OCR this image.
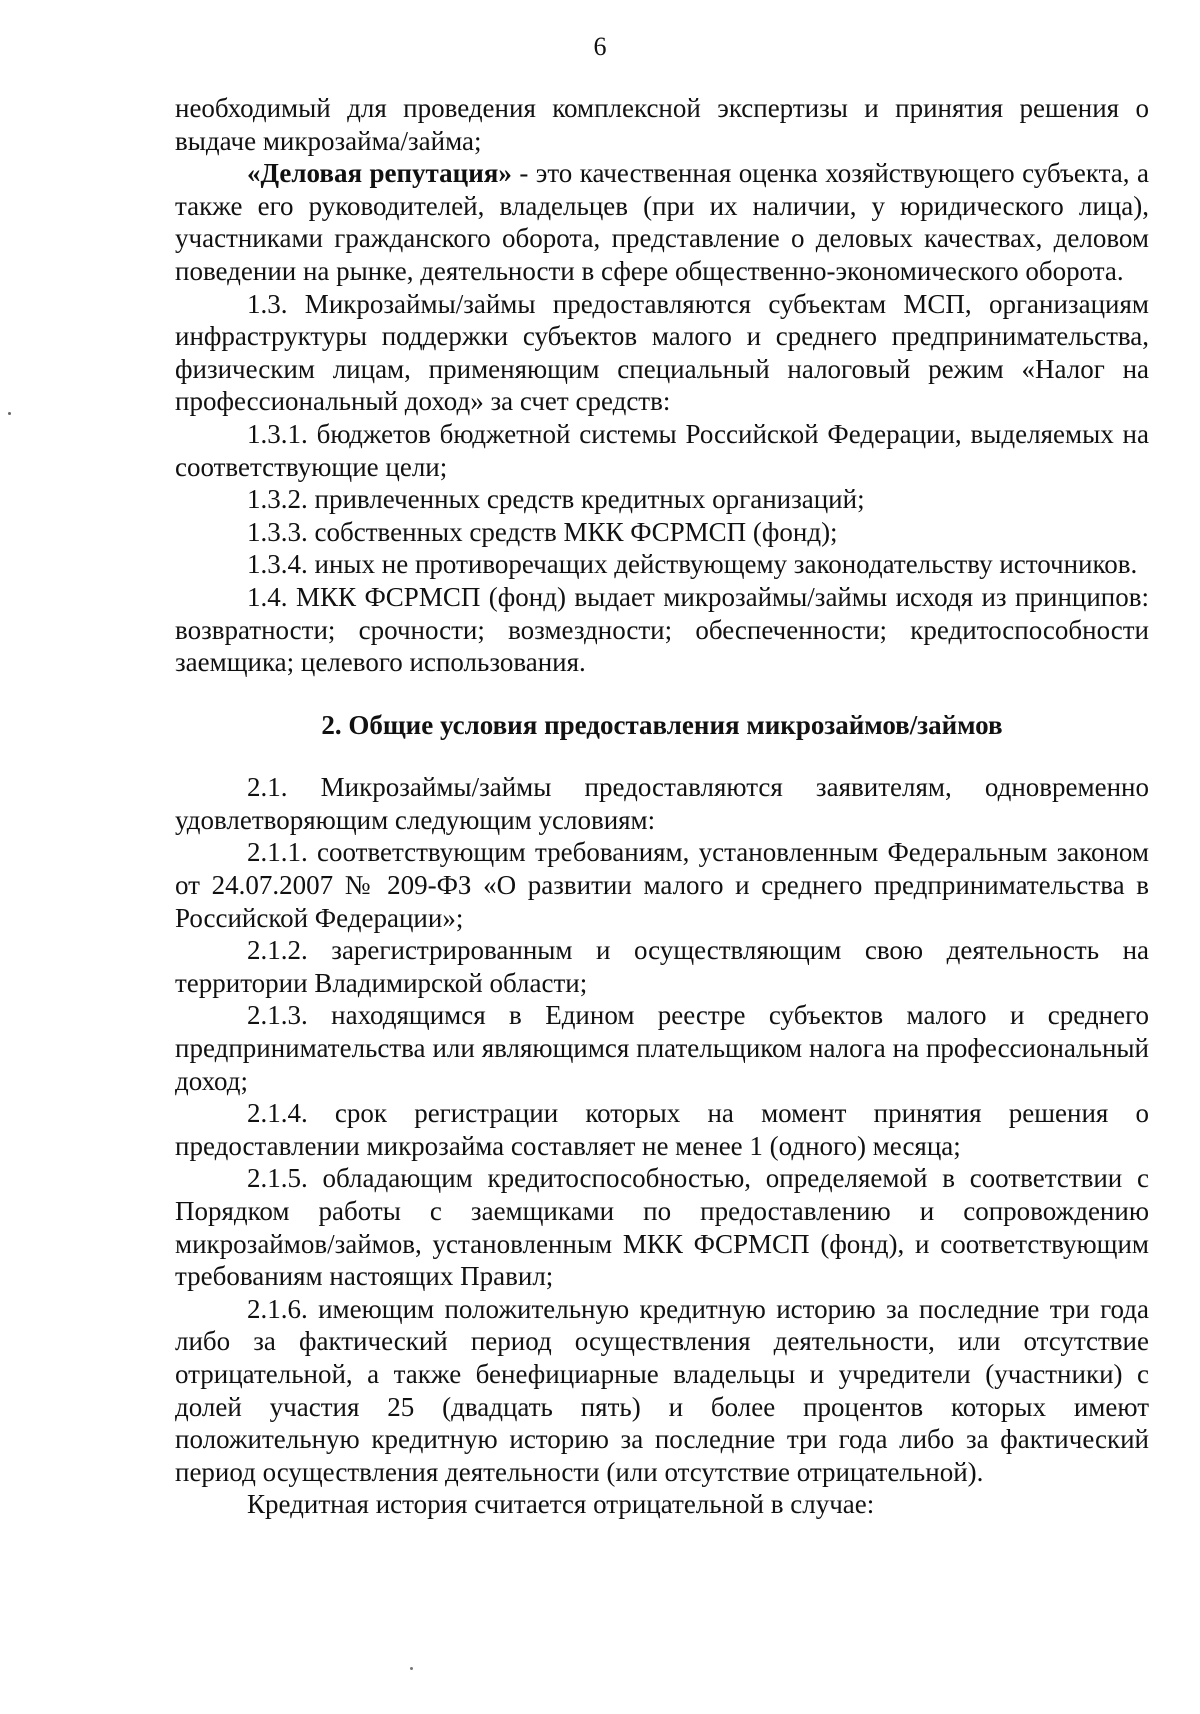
6

необходимый для проведения комплексной экспертизы и принятия решения о выдаче микрозайма/займа;

«Деловая репутация» - это качественная оценка хозяйствующего субъекта, а также его руководителей, владельцев (при их наличии, у юридического лица), участниками гражданского оборота, представление о деловых качествах, деловом поведении на рынке, деятельности в сфере общественно-экономического оборота.

1.3. Микрозаймы/займы предоставляются субъектам МСП, организациям инфраструктуры поддержки субъектов малого и среднего предпринимательства, физическим лицам, применяющим специальный налоговый режим «Налог на профессиональный доход» за счет средств:

1.3.1. бюджетов бюджетной системы Российской Федерации, выделяемых на соответствующие цели;

1.3.2. привлеченных средств кредитных организаций;

1.3.3. собственных средств МКК ФСРМСП (фонд);

1.3.4. иных не противоречащих действующему законодательству источников.

1.4. МКК ФСРМСП (фонд) выдает микрозаймы/займы исходя из принципов: возвратности; срочности; возмездности; обеспеченности; кредитоспособности заемщика; целевого использования.

2. Общие условия предоставления микрозаймов/займов

2.1. Микрозаймы/займы предоставляются заявителям, одновременно удовлетворяющим следующим условиям:

2.1.1. соответствующим требованиям, установленным Федеральным законом от 24.07.2007 № 209-ФЗ «О развитии малого и среднего предпринимательства в Российской Федерации»;

2.1.2. зарегистрированным и осуществляющим свою деятельность на территории Владимирской области;

2.1.3. находящимся в Едином реестре субъектов малого и среднего предпринимательства или являющимся плательщиком налога на профессиональный доход;

2.1.4. срок регистрации которых на момент принятия решения о предоставлении микрозайма составляет не менее 1 (одного) месяца;

2.1.5. обладающим кредитоспособностью, определяемой в соответствии с Порядком работы с заемщиками по предоставлению и сопровождению микрозаймов/займов, установленным МКК ФСРМСП (фонд), и соответствующим требованиям настоящих Правил;

2.1.6. имеющим положительную кредитную историю за последние три года либо за фактический период осуществления деятельности, или отсутствие отрицательной, а также бенефициарные владельцы и учредители (участники) с долей участия 25 (двадцать пять) и более процентов которых имеют положительную кредитную историю за последние три года либо за фактический период осуществления деятельности (или отсутствие отрицательной).

Кредитная история считается отрицательной в случае:
